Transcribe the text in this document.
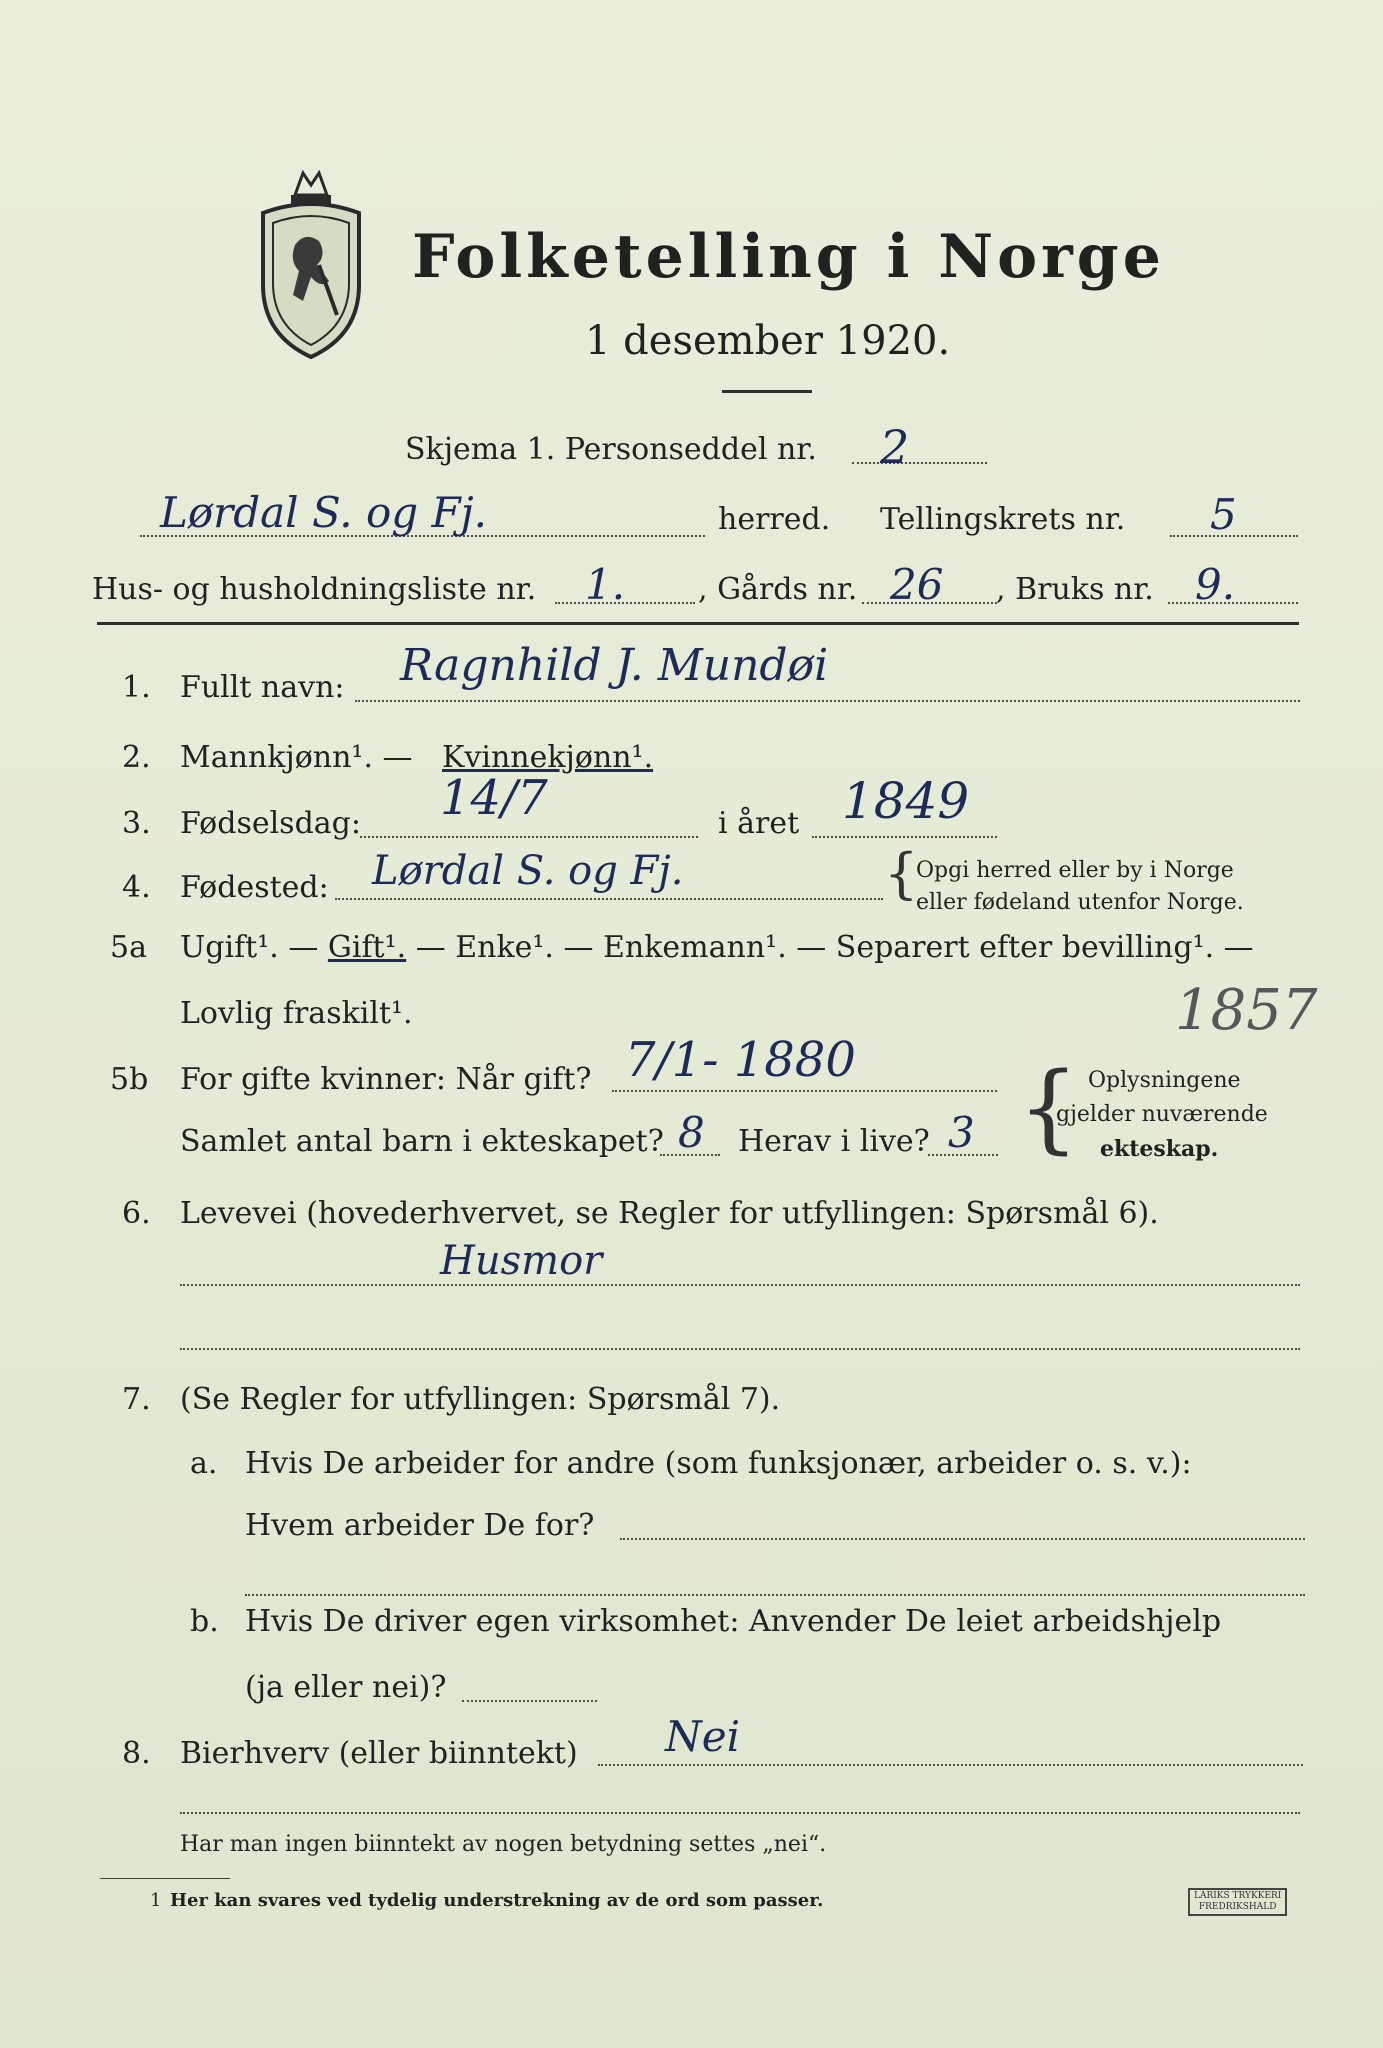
Folketelling i Norge
1 desember 1920.
Skjema 1. Personseddel nr. 2
Lørdal S. og Fj.	herred. Tellingskrets nr. 5
Hus- og husholdningsliste nr. 1. , Gårds nr. 26 , Bruks nr. 9.
1. Fullt navn: Ragnhild J. Mundøi
2. Mannkjønn¹. — Kvinnekjønn¹.
3. Fødselsdag: 14/7	i året 1849
4. Fødested: Lørdal S. og Fj.	{
Opgi herred eller by i Norge
eller fødeland utenfor Norge.
5a Ugift¹. — Gift¹. — Enke¹. — Enkemann¹. — Separert efter bevilling¹. —
Lovlig fraskilt¹.	1857
5b For gifte kvinner: Når gift? 7/1- 1880
Samlet antal barn i ekteskapet? 8 Herav i live? 3 { Oplysningene
gjelder nuværende
ekteskap.
6. Levevei (hovederhvervet, se Regler for utfyllingen: Spørsmål 6).
Husmor
7. (Se Regler for utfyllingen: Spørsmål 7).
a. Hvis De arbeider for andre (som funksjonær, arbeider o. s. v.):
Hvem arbeider De for?
b. Hvis De driver egen virksomhet: Anvender De leiet arbeidshjelp
(ja eller nei)?
8. Bierhverv (eller biinntekt) Nei
Har man ingen biinntekt av nogen betydning settes „nei“.
1 Her kan svares ved tydelig understrekning av de ord som passer.	LARIKS TRYKKERI
FREDRIKSHALD
